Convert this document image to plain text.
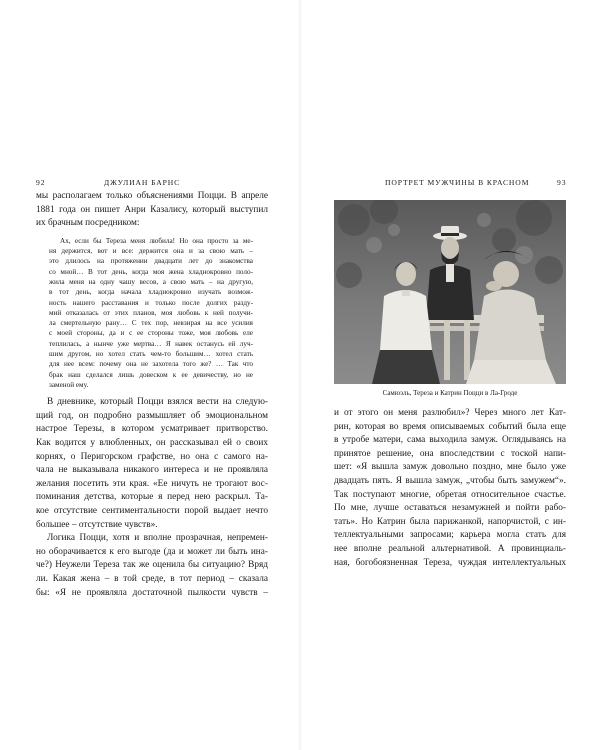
92	ДЖУЛИАН БАРНС
мы располагаем только объяснениями Поцци. В апреле
1881 года он пишет Анри Казалису, который выступил
их брачным посредником:
Ах, если бы Тереза меня любила! Но она просто за ме-
ня держится, вот и все: держится она и за свою мать –
это длилось на протяжении двадцати лет до знакомства
со мной… В тот день, когда моя жена хладнокровно поло-
жила меня на одну чашу весов, а свою мать – на другую,
в тот день, когда начала хладнокровно изучать возмож-
ность нашего расставания и только после долгих разду-
мий отказалась от этих планов, моя любовь к ней получи-
ла смертельную рану… С тех пор, невзирая на все усилия
с моей стороны, да и с ее стороны тоже, моя любовь еле
теплилась, а нынче уже мертва… Я навек останусь ей луч-
шим другом, но хотел стать чем-то большим… хотел стать
для нее всем: почему она не захотела того же? … Так что
брак наш сделался лишь довеском к ее девичеству, но не
заменой ему.
В дневнике, который Поцци взялся вести на следую-
щий год, он подробно размышляет об эмоциональном
настрое Терезы, в котором усматривает притворство.
Как водится у влюбленных, он рассказывал ей о своих
корнях, о Перигорском графстве, но она с самого на-
чала не выказывала никакого интереса и не проявляла
желания посетить эти края. «Ее ничуть не трогают вос-
поминания детства, которые я перед нею раскрыл. Та-
кое отсутствие сентиментальности порой выдает нечто
большее – отсутствие чувств».
Логика Поцци, хотя и вполне прозрачная, непремен-
но оборачивается к его выгоде (да и может ли быть ина-
че?) Неужели Тереза так же оценила бы ситуацию? Вряд
ли. Какая жена – в той среде, в тот период – сказала
бы: «Я не проявляла достаточной пылкости чувств –
ПОРТРЕТ МУЖЧИНЫ В КРАСНОМ	93
Самюэль, Тереза и Катрин Поцци в Ла-Гроде
и от этого он меня разлюбил»? Через много лет Кат-
рин, которая во время описываемых событий была еще
в утробе матери, сама выходила замуж. Оглядываясь на
принятое решение, она впоследствии с тоской напи-
шет: «Я вышла замуж довольно поздно, мне было уже
двадцать пять. Я вышла замуж, „чтобы быть замужем“».
Так поступают многие, обретая относительное счастье.
По мне, лучше оставаться незамужней и пойти рабо-
тать». Но Катрин была парижанкой, напорчистой, с ин-
теллектуальными запросами; карьера могла стать для
нее вполне реальной альтернативой. А провинциаль-
ная, богобоязненная Тереза, чуждая интеллектуальных
